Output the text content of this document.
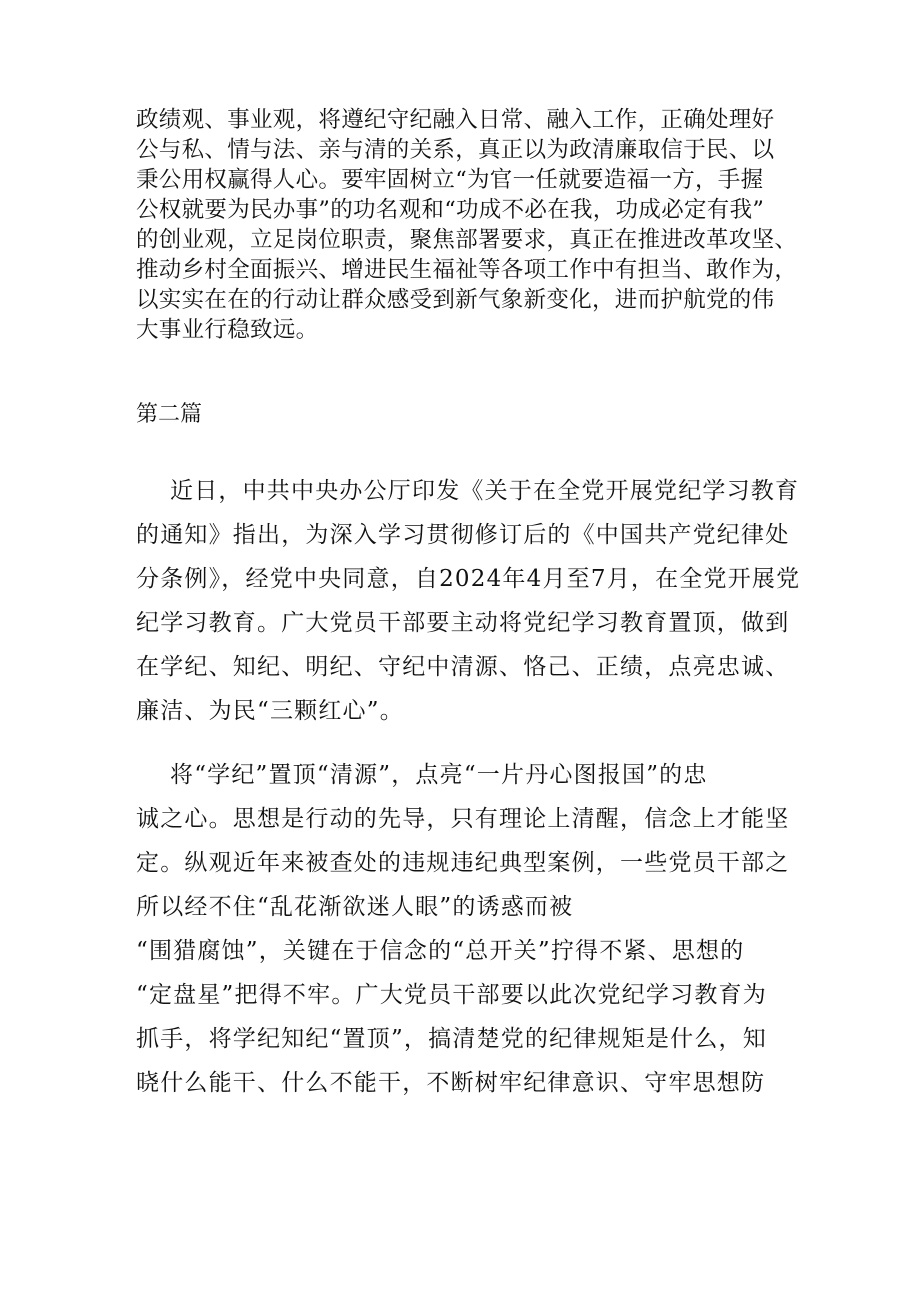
政绩观、事业观，将遵纪守纪融入日常、融入工作，正确处理好

公与私、情与法、亲与清的关系，真正以为政清廉取信于民、以

秉公用权赢得人心。要牢固树立“为官一任就要造福一方，手握

公权就要为民办事”的功名观和“功成不必在我，功成必定有我”

的创业观，立足岗位职责，聚焦部署要求，真正在推进改革攻坚、

推动乡村全面振兴、增进民生福祉等各项工作中有担当、敢作为，

以实实在在的行动让群众感受到新气象新变化，进而护航党的伟

大事业行稳致远。

第二篇

近日，中共中央办公厅印发《关于在全党开展党纪学习教育

的通知》指出，为深入学习贯彻修订后的《中国共产党纪律处

分条例》，经党中央同意，自2024年4月至7月，在全党开展党

纪学习教育。广大党员干部要主动将党纪学习教育置顶，做到

在学纪、知纪、明纪、守纪中清源、恪己、正绩，点亮忠诚、

廉洁、为民“三颗红心”。

将“学纪”置顶“清源”，点亮“一片丹心图报国”的忠

诚之心。思想是行动的先导，只有理论上清醒，信念上才能坚

定。纵观近年来被查处的违规违纪典型案例，一些党员干部之

所以经不住“乱花渐欲迷人眼”的诱惑而被

“围猎腐蚀”，关键在于信念的“总开关”拧得不紧、思想的

“定盘星”把得不牢。广大党员干部要以此次党纪学习教育为

抓手，将学纪知纪“置顶”，搞清楚党的纪律规矩是什么，知

晓什么能干、什么不能干，不断树牢纪律意识、守牢思想防
